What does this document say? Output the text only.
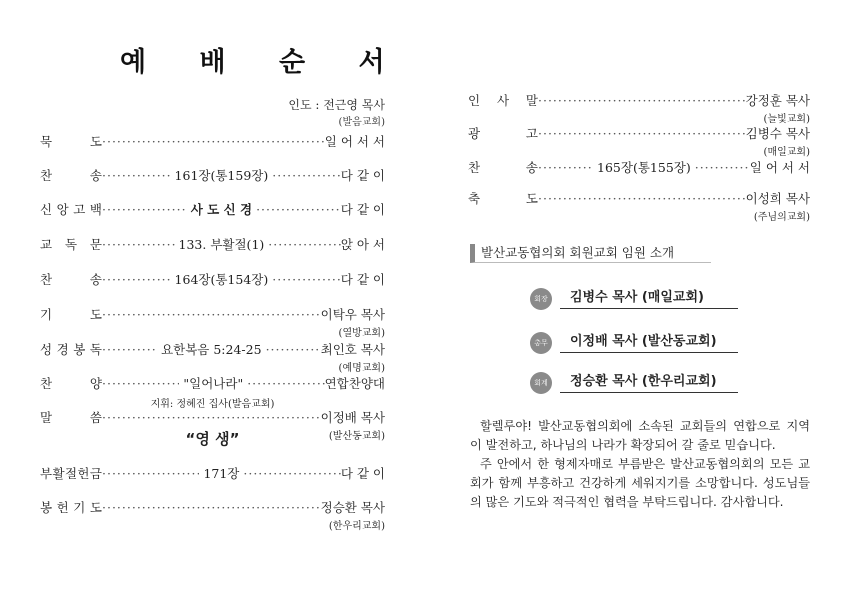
예 배 순 서
인도 : 전근영 목사
(발음교회)
묵	도 ·····	일 어 서 서
찬	송 ·····	161장(통159장) ·····	다 같 이
신 앙 고 백 ·····	사 도 신 경 ·····	다 같 이
교 독 문 ·····	133. 부활절(1) ·····	앉 아 서
찬	송 ·····	164장(통154장) ·····	다 같 이
기	도 ·····	이탁우 목사
(열방교회)
성 경 봉 독 ·····	요한복음 5:24-25 ·····	최인호 목사
(예명교회)
찬	양 ·····	"일어나라" ·····	연합찬양대
지휘: 정혜진 집사(발음교회)
말	씀 ·····	이정배 목사
(발산동교회)
“영 생”
부 활 절 헌 금 ·····	171장 ·····	다 같 이
봉 헌 기 도 ·····	정승환 목사
(한우리교회)
인 사 말 ·····	강정훈 목사
(늘빛교회)
광	고 ·····	김병수 목사
(매일교회)
찬	송 ·····	165장(통155장) ·····	일 어 서 서
축	도 ·····	이성희 목사
(주님의교회)
발산교동협의회 회원교회 임원 소개
회장	김병수 목사 (매일교회)
총무	이정배 목사 (발산동교회)
회계	정승환 목사 (한우리교회)

할렐루야! 발산교동협의회에 소속된 교회들의 연합으로 지역이 발전하고, 하나님의 나라가 확장되어 갈 줄로 믿습니다.

주 안에서 한 형제자매로 부름받은 발산교동협의회의 모든 교회가 함께 부흥하고 건강하게 세워지기를 소망합니다. 성도님들의 많은 기도와 적극적인 협력을 부탁드립니다. 감사합니다.
